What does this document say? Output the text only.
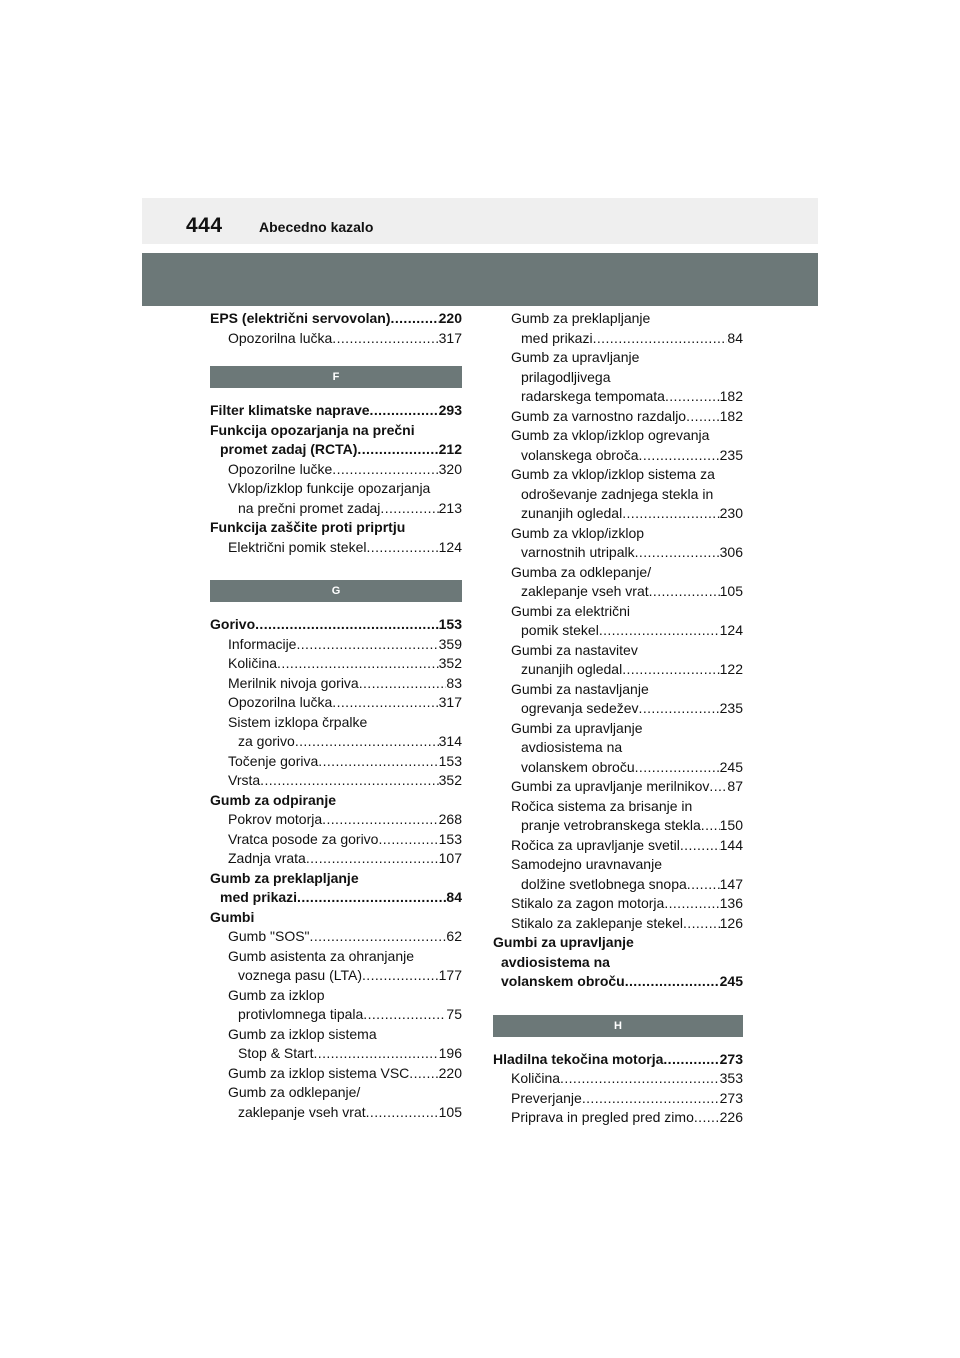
444	Abecedno kazalo
EPS (električni servovolan) .....	220
Opozorilna lučka .....	317
F
Filter klimatske naprave .....	293
Funkcija opozarjanja na prečni
promet zadaj (RCTA) .....	212
Opozorilne lučke .....	320
Vklop/izklop funkcije opozarjanja
na prečni promet zadaj .....	213
Funkcija zaščite proti priprtju
Električni pomik stekel .....	124
G
Gorivo .....	153
Informacije .....	359
Količina .....	352
Merilnik nivoja goriva .....	83
Opozorilna lučka .....	317
Sistem izklopa črpalke
za gorivo .....	314
Točenje goriva .....	153
Vrsta .....	352
Gumb za odpiranje
Pokrov motorja .....	268
Vratca posode za gorivo .....	153
Zadnja vrata .....	107
Gumb za preklapljanje
med prikazi .....	84
Gumbi
Gumb "SOS" .....	62
Gumb asistenta za ohranjanje
voznega pasu (LTA) .....	177
Gumb za izklop
protivlomnega tipala .....	75
Gumb za izklop sistema
Stop & Start .....	196
Gumb za izklop sistema VSC ..... 220
Gumb za odklepanje/
zaklepanje vseh vrat .....	105
Gumb za preklapljanje
med prikazi .....	84
Gumb za upravljanje
prilagodljivega
radarskega tempomata .....	182
Gumb za varnostno razdaljo ..... 182
Gumb za vklop/izklop ogrevanja
volanskega obroča .....	235
Gumb za vklop/izklop sistema za
odroševanje zadnjega stekla in
zunanjih ogledal .....	230
Gumb za vklop/izklop
varnostnih utripalk .....	306
Gumba za odklepanje/
zaklepanje vseh vrat .....	105
Gumbi za električni
pomik stekel .....	124
Gumbi za nastavitev
zunanjih ogledal .....	122
Gumbi za nastavljanje
ogrevanja sedežev .....	235
Gumbi za upravljanje
avdiosistema na
volanskem obroču .....	245
Gumbi za upravljanje merilnikov ..... 87
Ročica sistema za brisanje in
pranje vetrobranskega stekla ..... 150
Ročica za upravljanje svetil .....	144
Samodejno uravnavanje
dolžine svetlobnega snopa ..... 147
Stikalo za zagon motorja .....	136
Stikalo za zaklepanje stekel .....	126
Gumbi za upravljanje
avdiosistema na
volanskem obroču .....	245
H
Hladilna tekočina motorja .....	273
Količina .....	353
Preverjanje .....	273
Priprava in pregled pred zimo ..... 226
